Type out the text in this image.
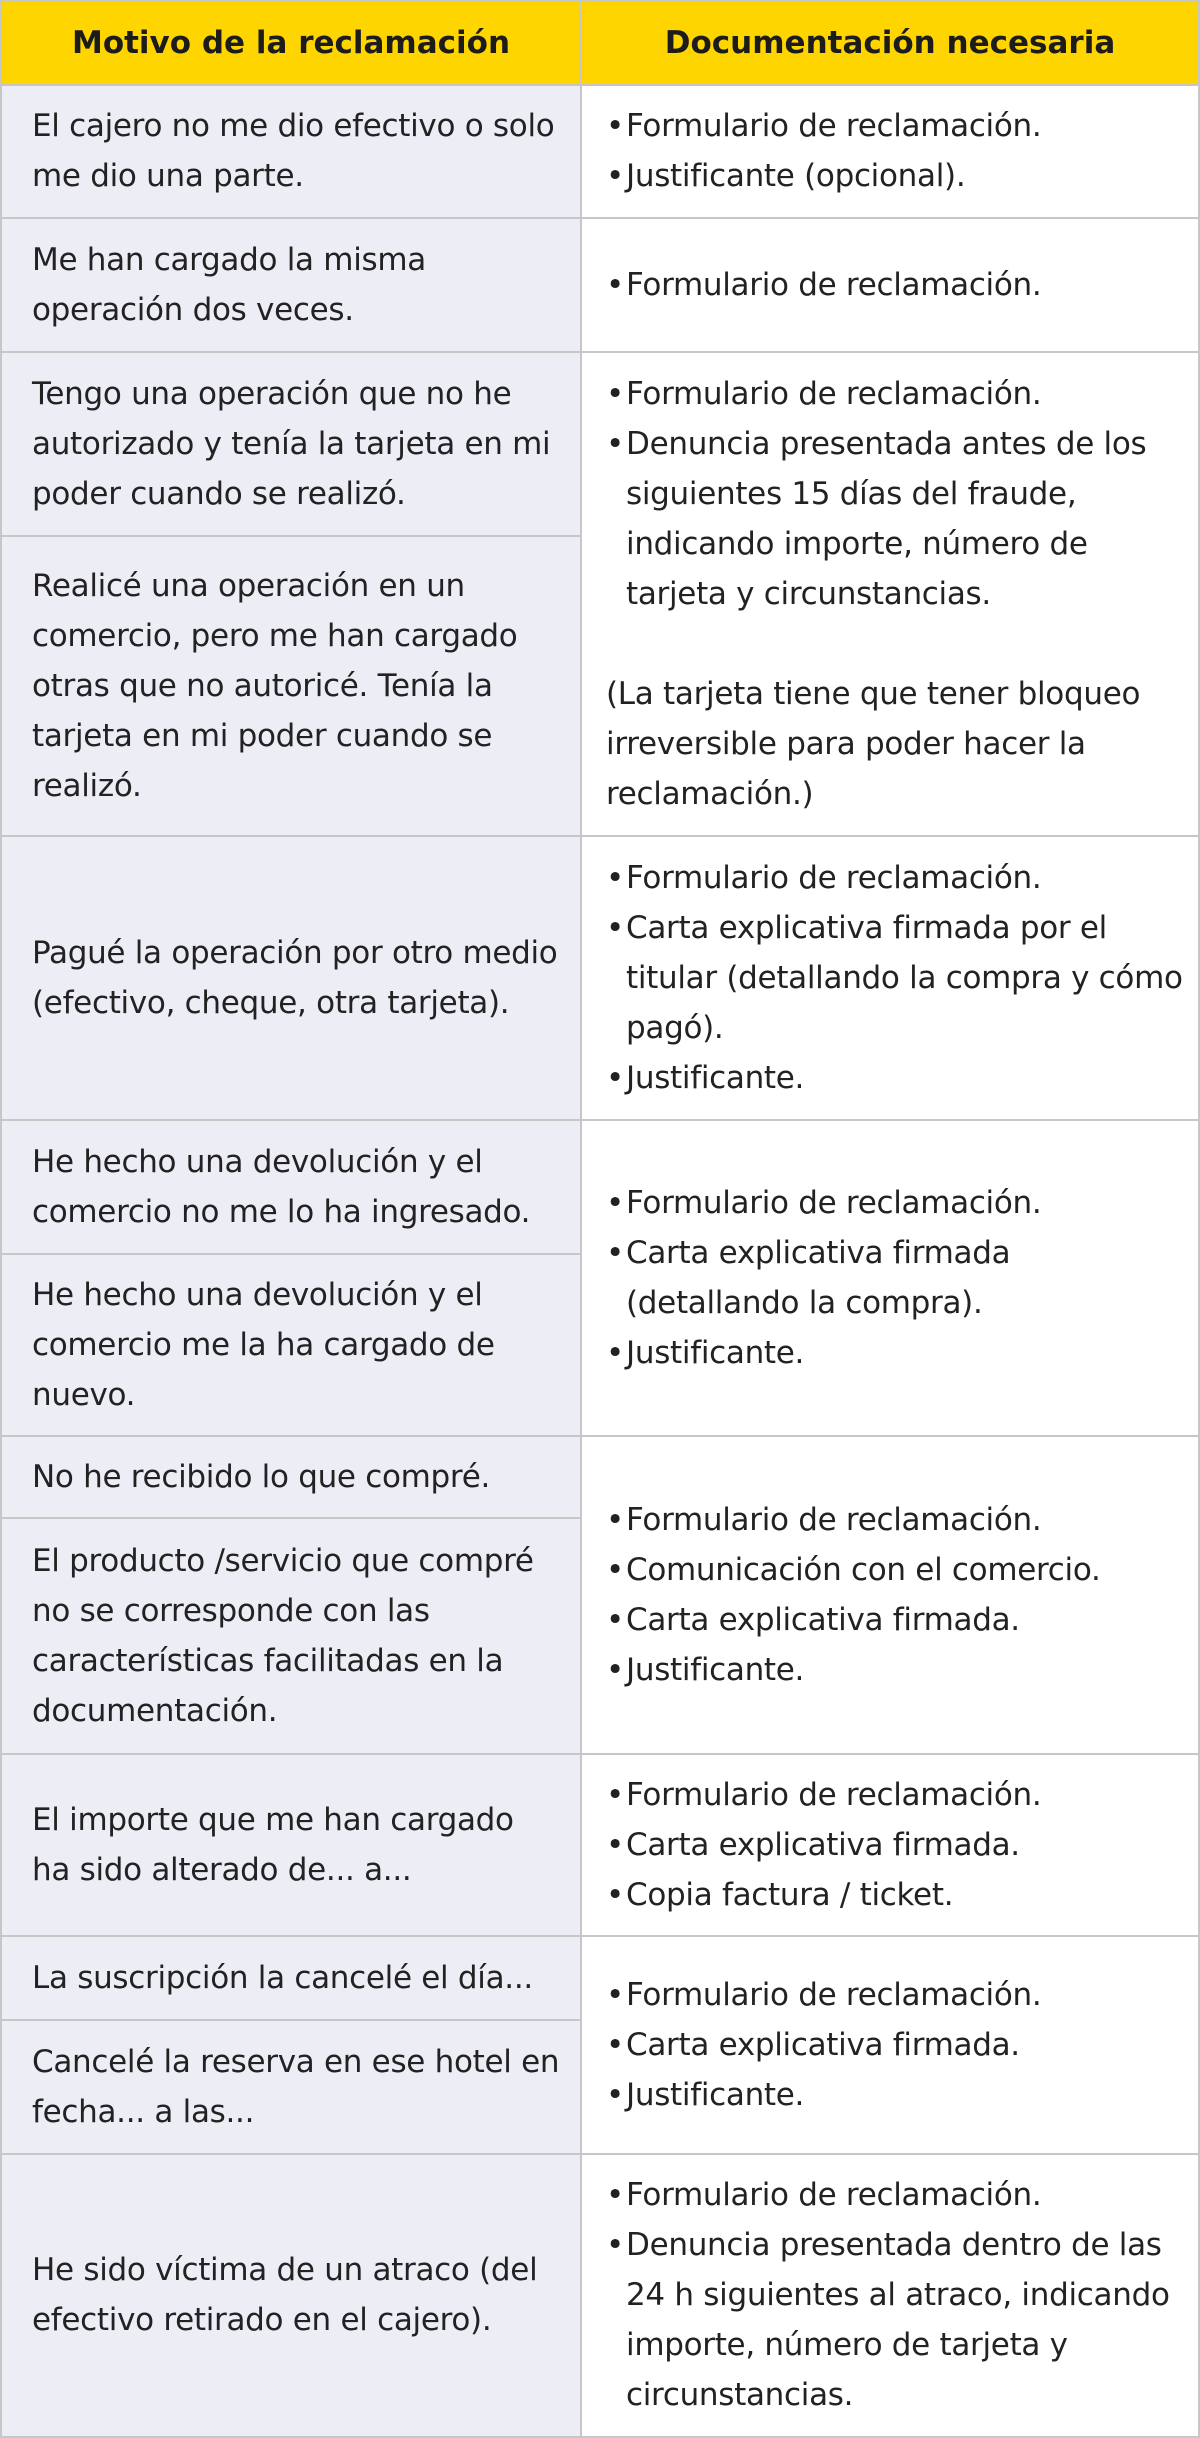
Motivo de la reclamación	Documentación necesaria
El cajero no me dio efectivo o solo me dio una parte.
Me han cargado la misma operación dos veces.
Tengo una operación que no he autorizado y tenía la tarjeta en mi poder cuando se realizó.
Realicé una operación en un comercio, pero me han cargado otras que no autoricé. Tenía la tarjeta en mi poder cuando se realizó.
Pagué la operación por otro medio (efectivo, cheque, otra tarjeta).
He hecho una devolución y el comercio no me lo ha ingresado.
He hecho una devolución y el comercio me la ha cargado de nuevo.
No he recibido lo que compré.
El producto /servicio que compré no se corresponde con las características facilitadas en la documentación.
El importe que me han cargado ha sido alterado de... a...
La suscripción la cancelé el día...
Cancelé la reserva en ese hotel en fecha... a las...
He sido víctima de un atraco (del efectivo retirado en el cajero).
• Formulario de reclamación.
• Justificante (opcional).
• Formulario de reclamación.
• Formulario de reclamación.
• Denuncia presentada antes de los siguientes 15 días del fraude, indicando importe, número de tarjeta y circunstancias.
(La tarjeta tiene que tener bloqueo irreversible para poder hacer la reclamación.)
• Formulario de reclamación.
• Carta explicativa firmada por el titular (detallando la compra y cómo pagó).
• Justificante.
• Formulario de reclamación.
• Carta explicativa firmada (detallando la compra).
• Justificante.
• Formulario de reclamación.
• Comunicación con el comercio.
• Carta explicativa firmada.
• Justificante.
• Formulario de reclamación.
• Carta explicativa firmada.
• Copia factura / ticket.
• Formulario de reclamación.
• Carta explicativa firmada.
• Justificante.
• Formulario de reclamación.
• Denuncia presentada dentro de las 24 h siguientes al atraco, indicando importe, número de tarjeta y circunstancias.
